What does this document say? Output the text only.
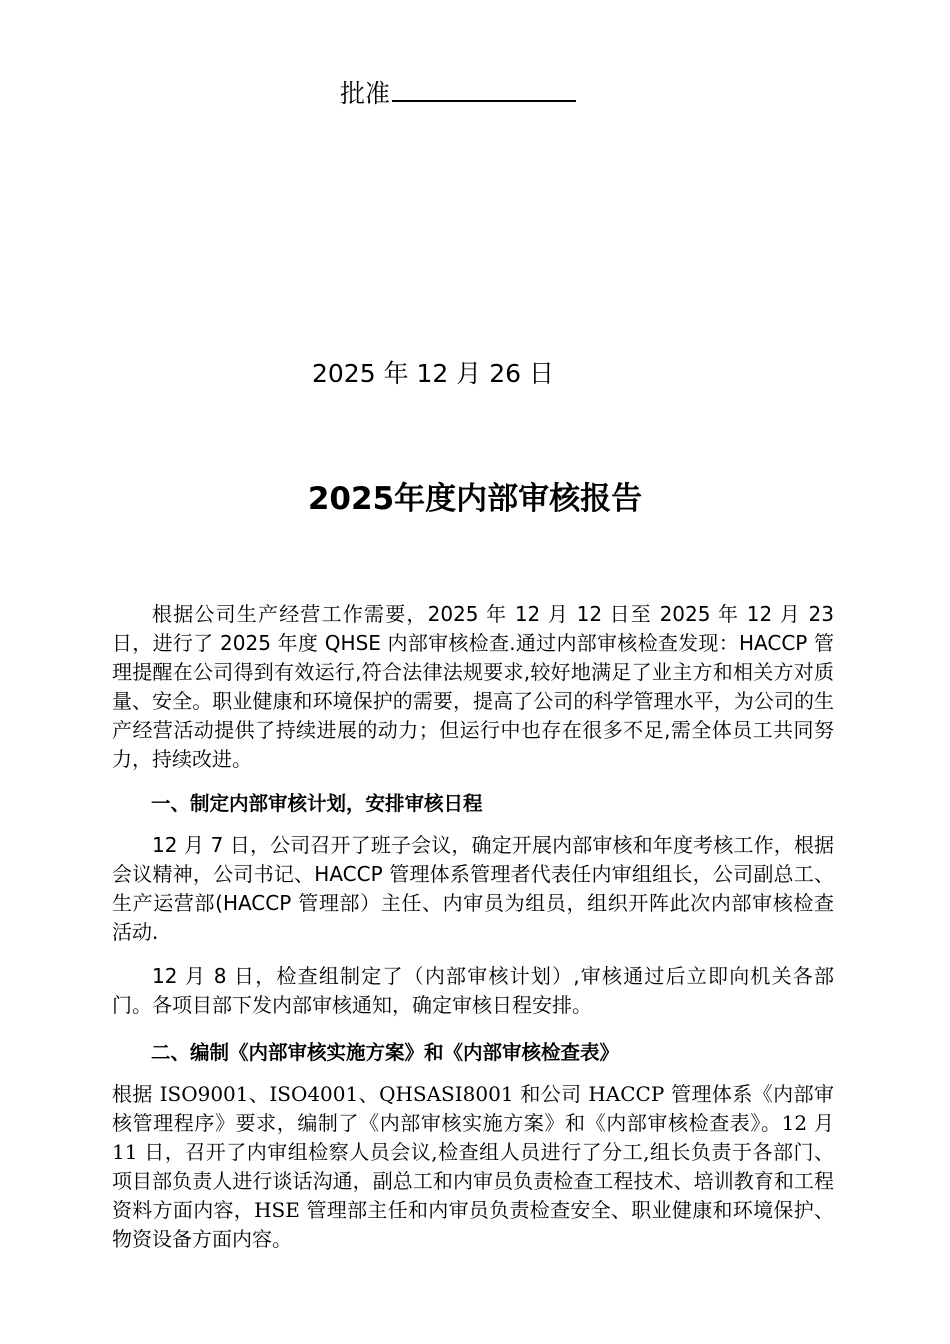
批准
2025 年 12 月 26 日
2025年度内部审核报告

根据公司生产经营工作需要，2025 年 12 月 12 日至 2025 年 12 月 23 日，进行了 2025 年度 QHSE 内部审核检查.通过内部审核检查发现：HACCP 管理提醒在公司得到有效运行,符合法律法规要求,较好地满足了业主方和相关方对质量、安全。职业健康和环境保护的需要，提高了公司的科学管理水平，为公司的生产经营活动提供了持续进展的动力；但运行中也存在很多不足,需全体员工共同努力，持续改进。

一、制定内部审核计划，安排审核日程

12 月 7 日，公司召开了班子会议，确定开展内部审核和年度考核工作，根据会议精神，公司书记、HACCP 管理体系管理者代表任内审组组长，公司副总工、生产运营部(HACCP 管理部）主任、内审员为组员，组织开阵此次内部审核检查活动.

12 月 8 日，检查组制定了（内部审核计划）,审核通过后立即向机关各部门。各项目部下发内部审核通知，确定审核日程安排。

二、编制《内部审核实施方案》和《内部审核检查表》

根据 ISO9001、ISO4001、QHSASI8001 和公司 HACCP 管理体系《内部审核管理程序》要求，编制了《内部审核实施方案》和《内部审核检查表》。12 月 11 日，召开了内审组检察人员会议,检查组人员进行了分工,组长负责于各部门、项目部负责人进行谈话沟通，副总工和内审员负责检查工程技术、培训教育和工程资料方面内容，HSE 管理部主任和内审员负责检查安全、职业健康和环境保护、物资设备方面内容。
